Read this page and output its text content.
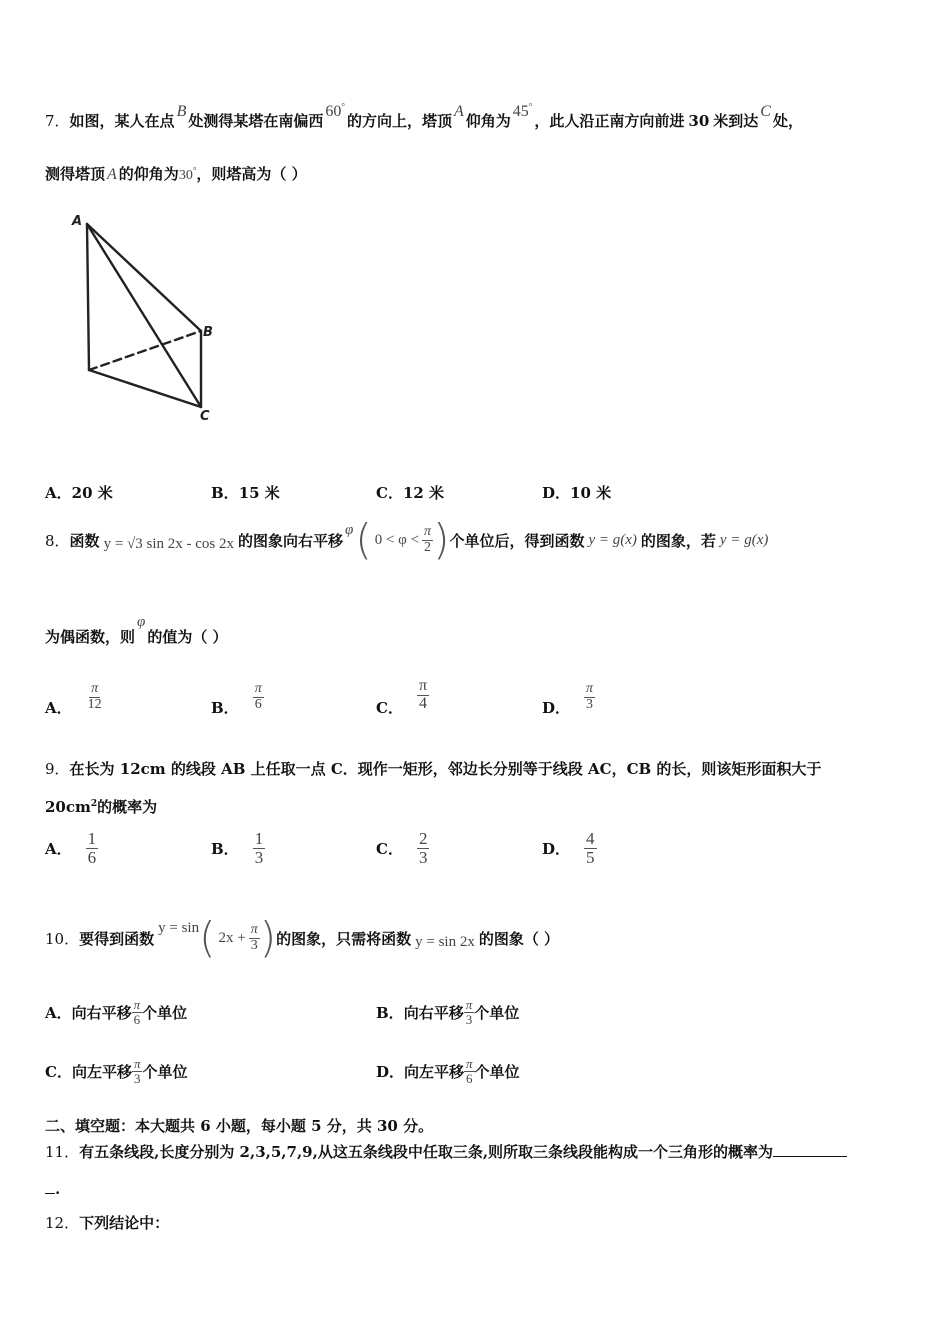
7．如图，某人在点B处测得某塔在南偏西60°的方向上，塔顶A仰角为45°，此人沿正南方向前进 30 米到达C处，
测得塔顶 A 的仰角为30°，则塔高为（ ）
A
B
C
A．20 米	B．15 米	C．12 米	D．10 米
8． 函数 y = √3 sin 2x - cos 2x 的图象向右平移
φ ( $0 < \varphi < \frac{\pi}{2}$ ) 个单位后，得到函数 y = g(x) 的图象，若 y = g(x)
为偶函数，则φ的值为（ ）
A． $\frac{\pi}{12}$	B． $\frac{\pi}{6}$	C． $\frac{\pi}{4}$	D． $\frac{\pi}{3}$
9．在长为 12cm 的线段 AB 上任取一点 C．现作一矩形，邻边长分别等于线段 AC，CB 的长，则该矩形面积大于
$20cm^2$的概率为
A． $\frac{1}{6}$	B． $\frac{1}{3}$	C． $\frac{2}{3}$	D． $\frac{4}{5}$
10． 要得到函数
y = sin ( $2x + \frac{\pi}{3}$ ) 的图象，只需将函数 y = sin 2x 的图象（ ）
A． 向右平移 $\frac{\pi}{6}$ 个单位	B． 向右平移 $\frac{\pi}{3}$ 个单位
C． 向左平移 $\frac{\pi}{3}$ 个单位	D． 向左平移 $\frac{\pi}{6}$ 个单位
二、填空题：本大题共 6 小题，每小题 5 分，共 30 分。
11．有五条线段,长度分别为 2,3,5,7,9,从这五条线段中任取三条,则所取三条线段能构成一个三角形的概率为
.
12．下列结论中：
